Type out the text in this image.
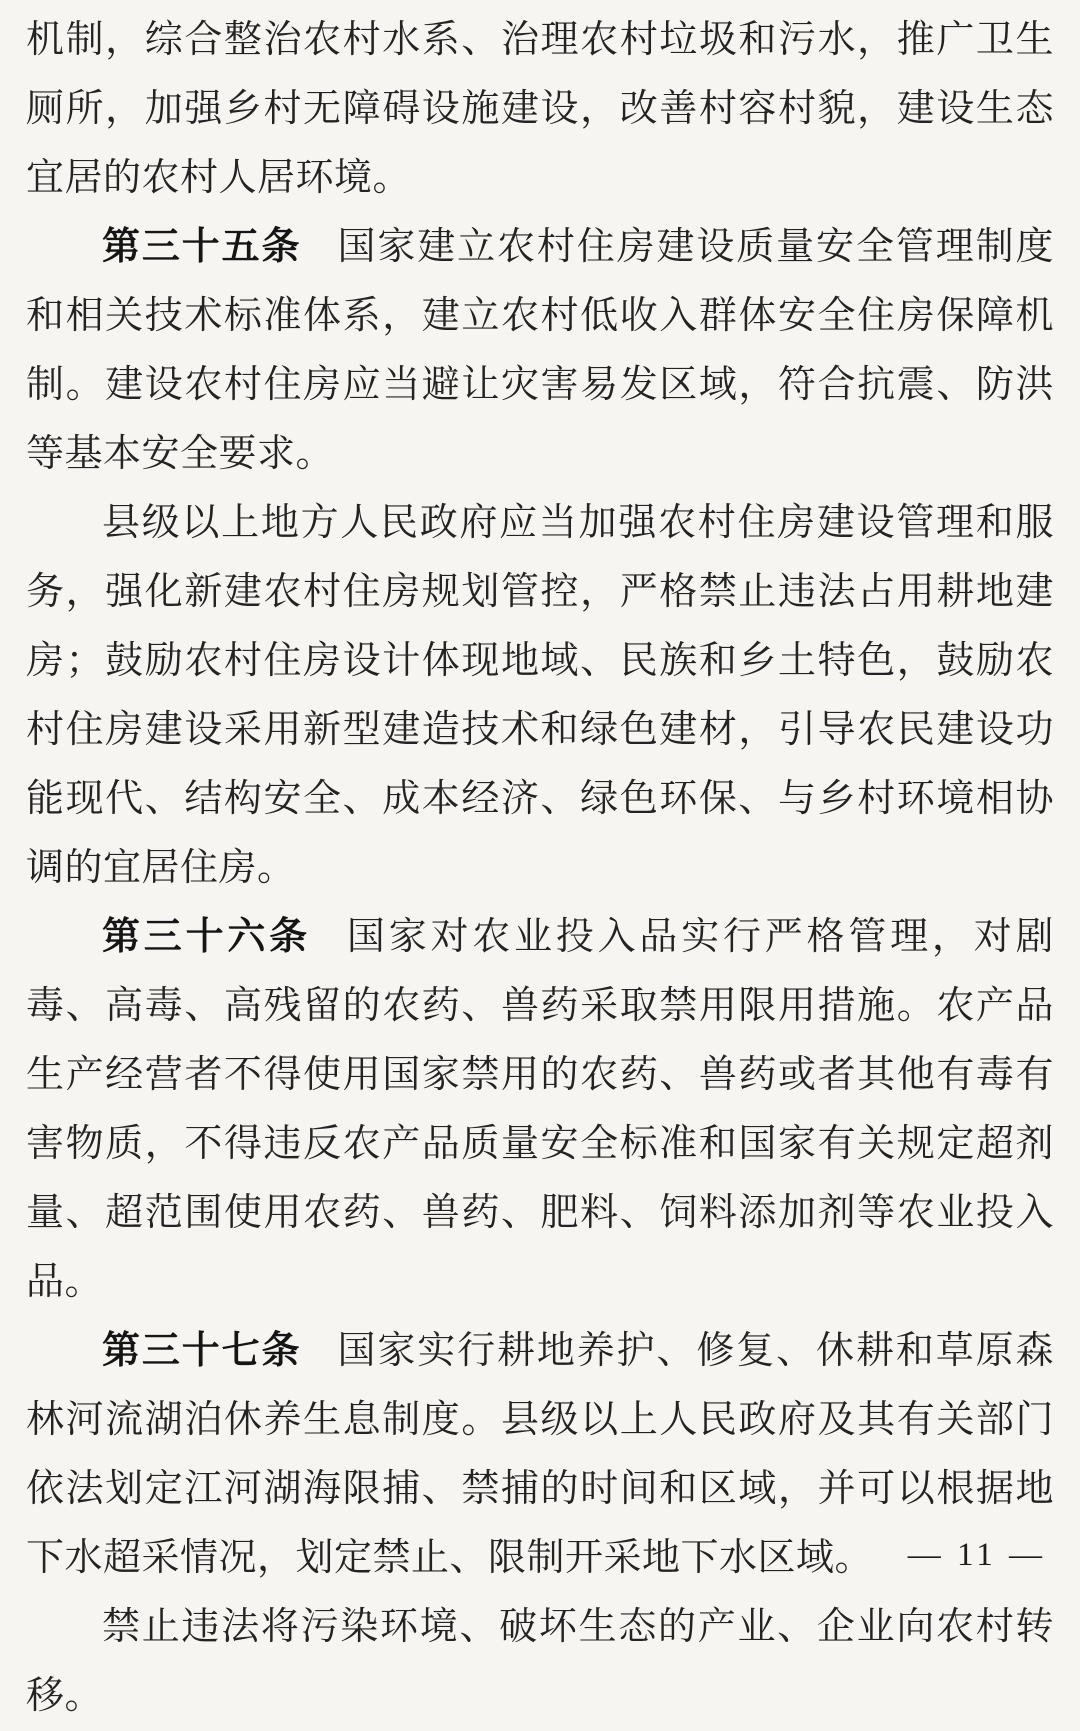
机制，综合整治农村水系、治理农村垃圾和污水，推广卫生厕所，加强乡村无障碍设施建设，改善村容村貌，建设生态宜居的农村人居环境。

第三十五条 国家建立农村住房建设质量安全管理制度和相关技术标准体系，建立农村低收入群体安全住房保障机制。建设农村住房应当避让灾害易发区域，符合抗震、防洪等基本安全要求。

县级以上地方人民政府应当加强农村住房建设管理和服务，强化新建农村住房规划管控，严格禁止违法占用耕地建房；鼓励农村住房设计体现地域、民族和乡土特色，鼓励农村住房建设采用新型建造技术和绿色建材，引导农民建设功能现代、结构安全、成本经济、绿色环保、与乡村环境相协调的宜居住房。

第三十六条 国家对农业投入品实行严格管理，对剧毒、高毒、高残留的农药、兽药采取禁用限用措施。农产品生产经营者不得使用国家禁用的农药、兽药或者其他有毒有害物质，不得违反农产品质量安全标准和国家有关规定超剂量、超范围使用农药、兽药、肥料、饲料添加剂等农业投入品。

第三十七条 国家实行耕地养护、修复、休耕和草原森林河流湖泊休养生息制度。县级以上人民政府及其有关部门依法划定江河湖海限捕、禁捕的时间和区域，并可以根据地下水超采情况，划定禁止、限制开采地下水区域。

禁止违法将污染环境、破坏生态的产业、企业向农村转移。

— 11 —
